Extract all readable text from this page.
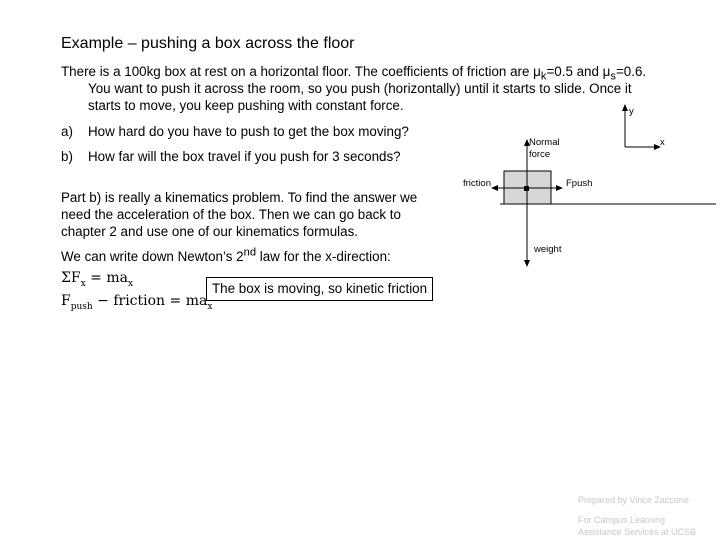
Example – pushing a box across the floor
There is a 100kg box at rest on a horizontal floor. The coefficients of friction are $\mu_k=0.5$ and $\mu_s=0.6$.
You want to push it across the room, so you push (horizontally) until it starts to slide. Once it
starts to move, you keep pushing with constant force.
a) How hard do you have to push to get the box moving?
b) How far will the box travel if you push for 3 seconds?
Part b) is really a kinematics problem. To find the answer we
need the acceleration of the box. Then we can go back to
chapter 2 and use one of our kinematics formulas.
We can write down Newton’s 2nd law for the x-direction:
$\Sigma F_x = ma_x$
$F_{push}$ − friction = $ma_x$
The box is moving, so kinetic friction
y
x
Normal
force
friction	Fpush
weight
Prepared by Vince Zaccone
For Campus Learning
Assistance Services at UCSB
